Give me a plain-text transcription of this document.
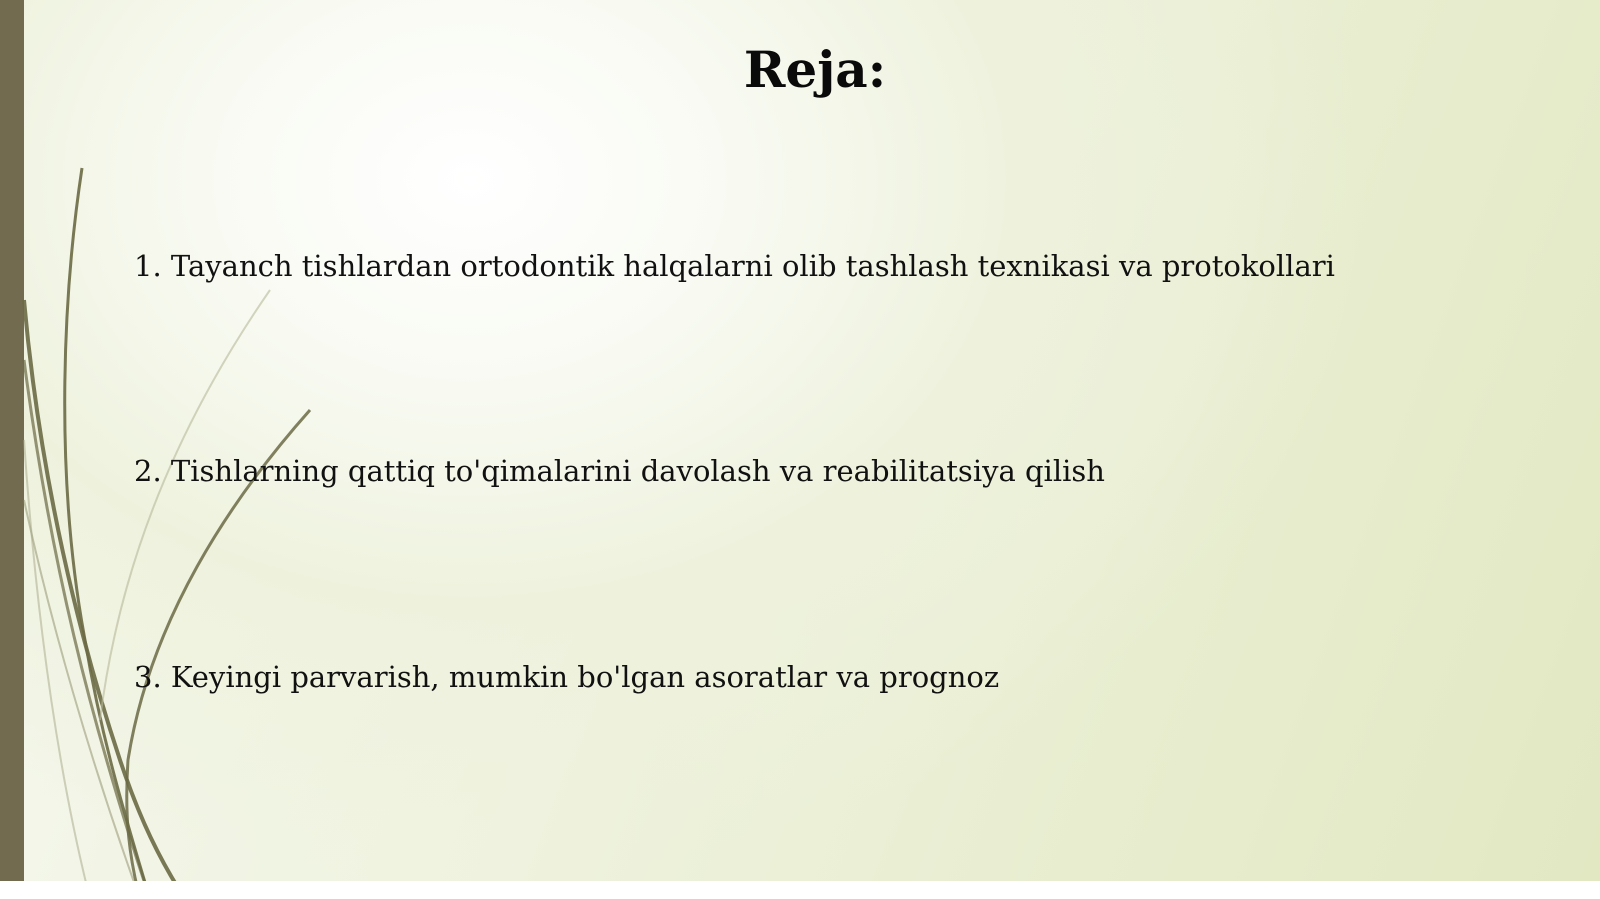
Reja:
1. Tayanch tishlardan ortodontik halqalarni olib tashlash texnikasi va protokollari
2. Tishlarning qattiq to'qimalarini davolash va reabilitatsiya qilish
3. Keyingi parvarish, mumkin bo'lgan asoratlar va prognoz
